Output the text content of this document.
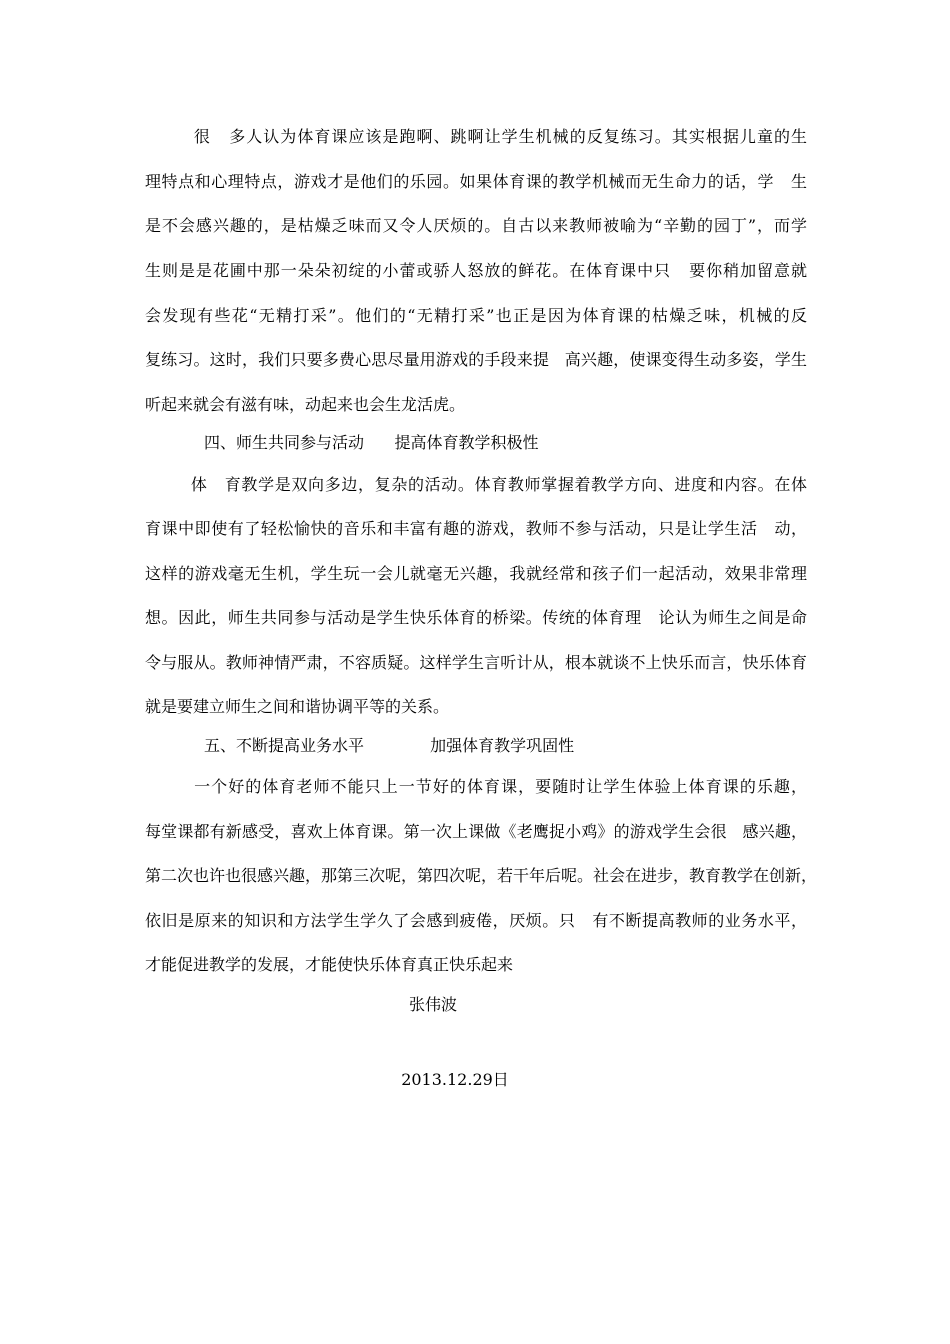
很   多人认为体育课应该是跑啊、跳啊让学生机械的反复练习。其实根据儿童的生
理特点和心理特点，游戏才是他们的乐园。如果体育课的教学机械而无生命力的话，学   生
是不会感兴趣的，是枯燥乏味而又令人厌烦的。自古以来教师被喻为“辛勤的园丁”，而学
生则是是花圃中那一朵朵初绽的小蕾或骄人怒放的鲜花。在体育课中只   要你稍加留意就
会发现有些花“无精打采”。他们的“无精打采”也正是因为体育课的枯燥乏味，机械的反
复练习。这时，我们只要多费心思尽量用游戏的手段来提   高兴趣，使课变得生动多姿，学生
听起来就会有滋有味，动起来也会生龙活虎。
四、师生共同参与活动      提高体育教学积极性
体   育教学是双向多边，复杂的活动。体育教师掌握着教学方向、进度和内容。在体
育课中即使有了轻松愉快的音乐和丰富有趣的游戏，教师不参与活动，只是让学生活   动，
这样的游戏毫无生机，学生玩一会儿就毫无兴趣，我就经常和孩子们一起活动，效果非常理
想。因此，师生共同参与活动是学生快乐体育的桥梁。传统的体育理   论认为师生之间是命
令与服从。教师神情严肃，不容质疑。这样学生言听计从，根本就谈不上快乐而言，快乐体育
就是要建立师生之间和谐协调平等的关系。
五、不断提高业务水平             加强体育教学巩固性
一个好的体育老师不能只上一节好的体育课，要随时让学生体验上体育课的乐趣，
每堂课都有新感受，喜欢上体育课。第一次上课做《老鹰捉小鸡》的游戏学生会很   感兴趣，
第二次也许也很感兴趣，那第三次呢，第四次呢，若干年后呢。社会在进步，教育教学在创新，
依旧是原来的知识和方法学生学久了会感到疲倦，厌烦。只   有不断提高教师的业务水平，
才能促进教学的发展，才能使快乐体育真正快乐起来
张伟波
2013.12.29日
